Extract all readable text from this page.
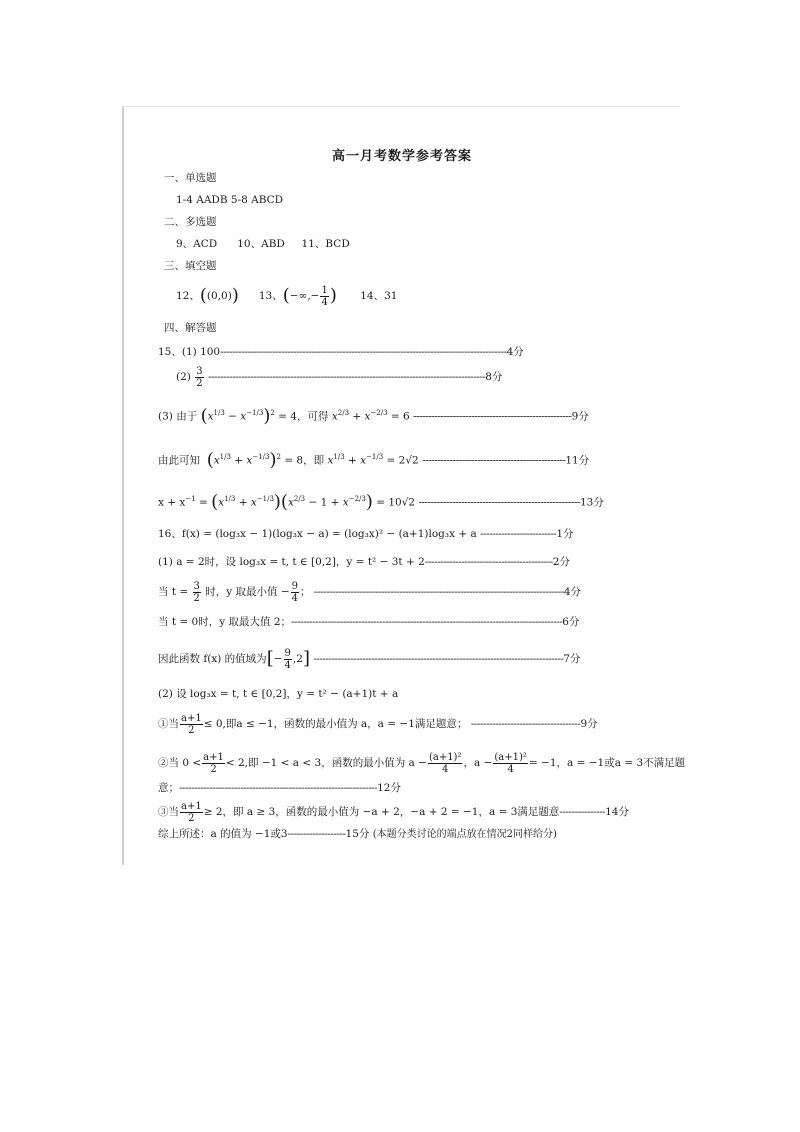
高一月考数学参考答案
一、单选题
1-4 AADB 5-8 ABCD
二、多选题
9、ACD 10、ABD 11、BCD
三、填空题
12、((0,0)) 13、(−∞,− $\frac{1}{4}$ ) 14、31
四、解答题
15、(1) 100----------------------------------------------------------------------------------------------4分
$(2) \frac{3}{2} -------------------------------------------------------------------------------------------8$分
(3) 由于 $(x^{1/3} - x^{-1/3})^2 = 4$，可得 $x^{2/3} + x^{-2/3} = 6$ ----------------------------------------------------9分
由此可知 $(x^{1/3} + x^{-1/3})^2 = 8$，即 $x^{1/3} + x^{-1/3} = 2√2$ -----------------------------------------------11分
$x + x^{-1} = (x^{1/3} + x^{-1/3})(x^{2/3} - 1 + x^{-2/3}) = 10√2$ -----------------------------------------------------13分
16、f(x) = (log₃x − 1)(log₃x − a) = (log₃x)² − (a+1)log₃x + a -------------------------1分
(1) a = 2时，设 log₃x = t, t ∈ [0,2]，y = t² − 3t + 2------------------------------------------2分
当 $t = \frac{3}{2}$ 时，y 取最小值 − $\frac{9}{4}$ ； ----------------------------------------------------------------------------------4分
当 t = 0时，y 取最大值 2；-----------------------------------------------------------------------------------------6分
因此函数 f(x) 的值域为[− $\frac{9}{4} ,2$] ----------------------------------------------------------------------------------7分
(2) 设 log₃x = t, t ∈ [0,2]，y = t² − (a+1)t + a
①当 $\frac{a+1}{2} \le 0$,即a ≤ −1，函数的最小值为 a，a = −1满足题意； ------------------------------------9分
②当 $0 < \frac{a+1}{2} < 2$,即 −1 < a < 3，函数的最小值为 $a - \frac{\text{(a+1)²}}{4}$ ，$a - \frac{\text{(a+1)²}}{4} = -1$，a = −1或a = 3不满足题
意；-----------------------------------------------------------------12分
③当 $\frac{a+1}{2} \ge 2$，即 a ≥ 3，函数的最小值为 −a + 2，−a + 2 = −1，a = 3满足题意---------------14分
综上所述：a 的值为 −1或3-------------------15分 (本题分类讨论的端点放在情况2同样给分)
